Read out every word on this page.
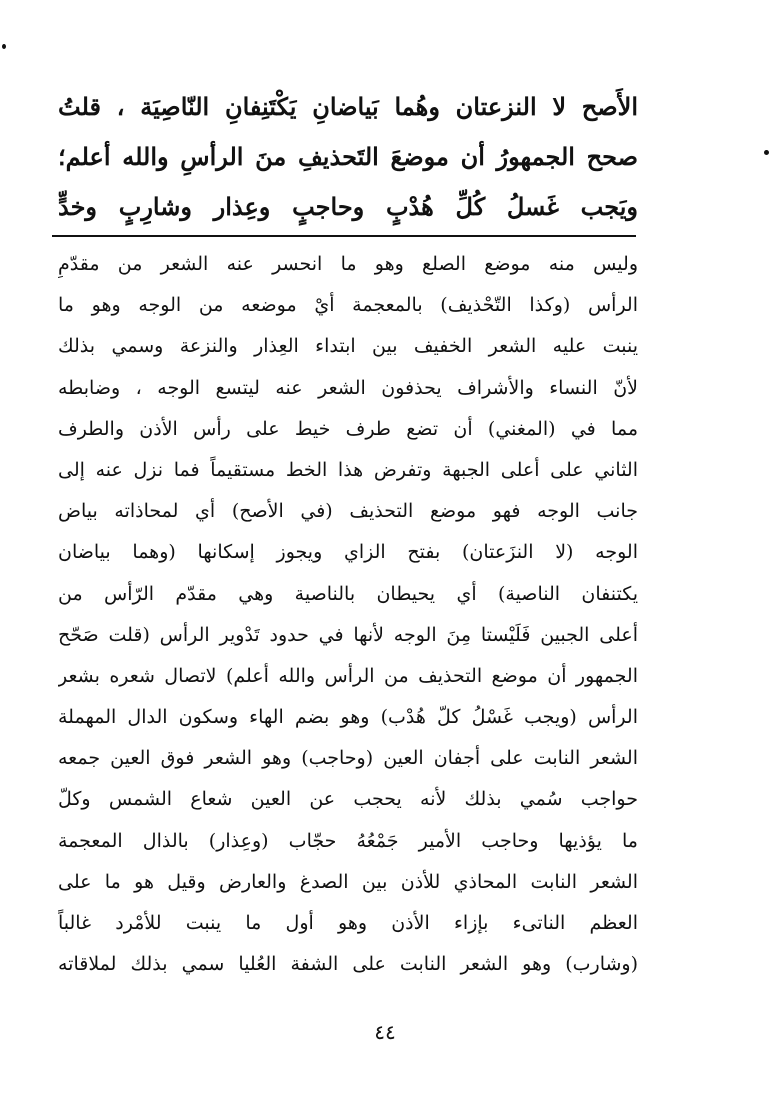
الأَصح لا النزعتان وهُما بَياضانِ يَكْتَنِفانِ النّاصِيَة ، قلتُ
صحح الجمهورُ أن موضعَ التَحذيفِ منَ الرأسِ والله أعلم؛
ويَجب غَسلُ كُلِّ هُدْبٍ وحاجبٍ وعِذار وشارِبٍ وخدٍّ
وليس منه موضع الصلع وهو ما انحسر عنه الشعر من مقدّمِ
الرأس (وكذا التّحْذيف) بالمعجمة أيْ موضعه من الوجه وهو ما
ينبت عليه الشعر الخفيف بين ابتداء العِذار والنزعة وسمي بذلك
لأنّ النساء والأشراف يحذفون الشعر عنه ليتسع الوجه ، وضابطه
مما في (المغني) أن تضع طرف خيط على رأس الأذن والطرف
الثاني على أعلى الجبهة وتفرض هذا الخط مستقيماً فما نزل عنه إلى
جانب الوجه فهو موضع التحذيف (في الأصح) أي لمحاذاته بياض
الوجه (لا النزَعتان) بفتح الزاي ويجوز إسكانها (وهما بياضان
يكتنفان الناصية) أي يحيطان بالناصية وهي مقدّم الرّأس من
أعلى الجبين فَلَيْستا مِنَ الوجه لأنها في حدود تَدْوير الرأس (قلت صَحّح
الجمهور أن موضع التحذيف من الرأس والله أعلم) لاتصال شعره بشعر
الرأس (ويجب غَسْلُ كلّ هُدْب) وهو بضم الهاء وسكون الدال المهملة
الشعر النابت على أجفان العين (وحاجب) وهو الشعر فوق العين جمعه
حواجب سُمي بذلك لأنه يحجب عن العين شعاع الشمس وكلّ
ما يؤذيها وحاجب الأمير جَمْعُهُ حجّاب (وعِذار) بالذال المعجمة
الشعر النابت المحاذي للأذن بين الصدغ والعارض وقيل هو ما على
العظم الناتىء بإزاء الأذن وهو أول ما ينبت للأمْرد غالباً
(وشارب) وهو الشعر النابت على الشفة العُليا سمي بذلك لملاقاته
٤٤
